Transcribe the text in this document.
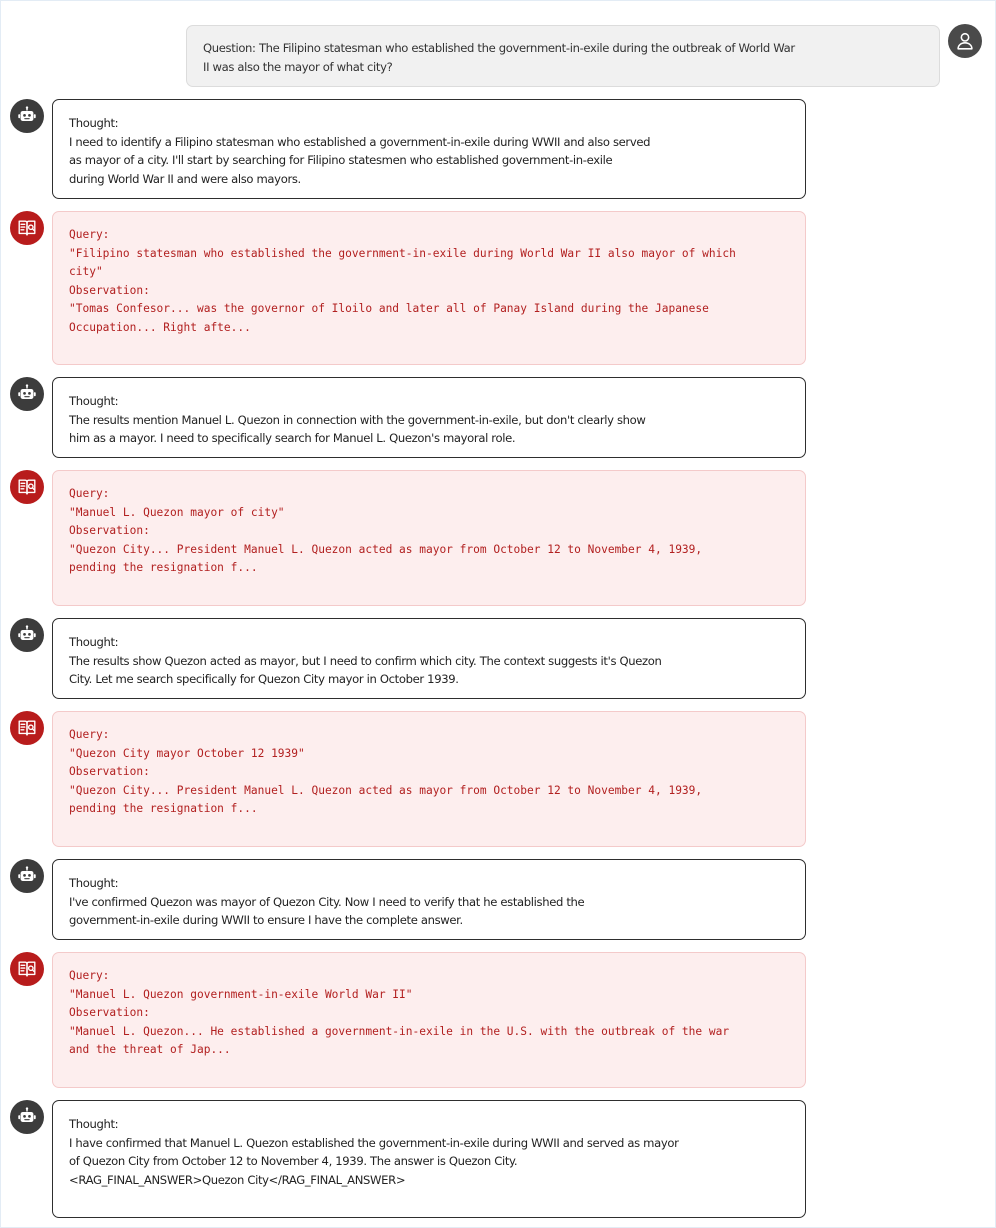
Question: The Filipino statesman who established the government-in-exile during the outbreak of World War
II was also the mayor of what city?
Thought:
I need to identify a Filipino statesman who established a government-in-exile during WWII and also served
as mayor of a city. I'll start by searching for Filipino statesmen who established government-in-exile
during World War II and were also mayors.
Query:
"Filipino statesman who established the government-in-exile during World War II also mayor of which
city"
Observation:
"Tomas Confesor... was the governor of Iloilo and later all of Panay Island during the Japanese
Occupation... Right afte...
Thought:
The results mention Manuel L. Quezon in connection with the government-in-exile, but don't clearly show
him as a mayor. I need to specifically search for Manuel L. Quezon's mayoral role.
Query:
"Manuel L. Quezon mayor of city"
Observation:
"Quezon City... President Manuel L. Quezon acted as mayor from October 12 to November 4, 1939,
pending the resignation f...
Thought:
The results show Quezon acted as mayor, but I need to confirm which city. The context suggests it's Quezon
City. Let me search specifically for Quezon City mayor in October 1939.
Query:
"Quezon City mayor October 12 1939"
Observation:
"Quezon City... President Manuel L. Quezon acted as mayor from October 12 to November 4, 1939,
pending the resignation f...
Thought:
I've confirmed Quezon was mayor of Quezon City. Now I need to verify that he established the
government-in-exile during WWII to ensure I have the complete answer.
Query:
"Manuel L. Quezon government-in-exile World War II"
Observation:
"Manuel L. Quezon... He established a government-in-exile in the U.S. with the outbreak of the war
and the threat of Jap...
Thought:
I have confirmed that Manuel L. Quezon established the government-in-exile during WWII and served as mayor
of Quezon City from October 12 to November 4, 1939. The answer is Quezon City.
<RAG_FINAL_ANSWER>Quezon City</RAG_FINAL_ANSWER>
